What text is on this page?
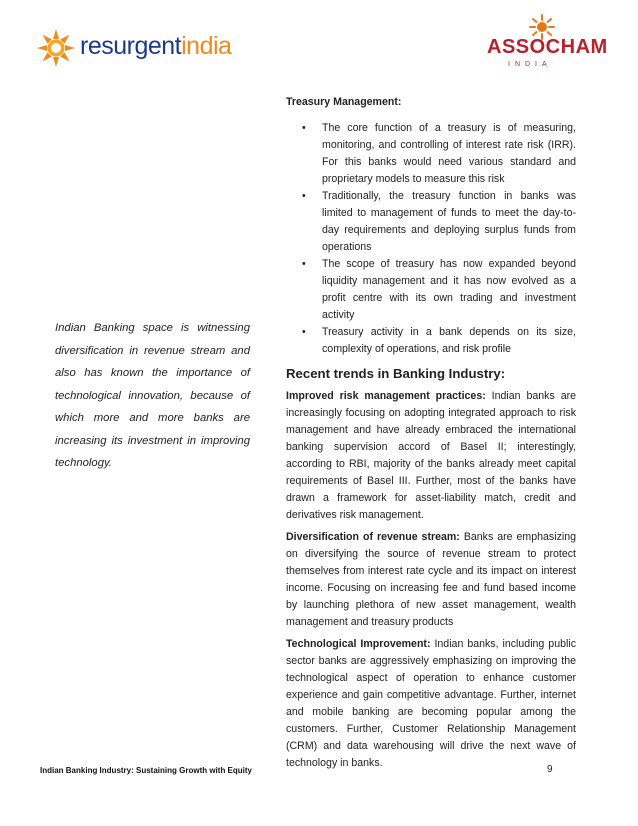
resurgentindia	ASSOCHAM
INDIA
Indian Banking space is witnessing diversification in revenue stream and also has known the importance of technological innovation, because of which more and more banks are increasing its investment in improving technology.
Treasury Management:
• The core function of a treasury is of measuring, monitoring, and controlling of interest rate risk (IRR). For this banks would need various standard and proprietary models to measure this risk
• Traditionally, the treasury function in banks was limited to management of funds to meet the day-to-day requirements and deploying surplus funds from operations
• The scope of treasury has now expanded beyond liquidity management and it has now evolved as a profit centre with its own trading and investment activity
• Treasury activity in a bank depends on its size, complexity of operations, and risk profile
Recent trends in Banking Industry:

Improved risk management practices: Indian banks are increasingly focusing on adopting integrated approach to risk management and have already embraced the international banking supervision accord of Basel II; interestingly, according to RBI, majority of the banks already meet capital requirements of Basel III. Further, most of the banks have drawn a framework for asset-liability match, credit and derivatives risk management.

Diversification of revenue stream: Banks are emphasizing on diversifying the source of revenue stream to protect themselves from interest rate cycle and its impact on interest income. Focusing on increasing fee and fund based income by launching plethora of new asset management, wealth management and treasury products

Technological Improvement: Indian banks, including public sector banks are aggressively emphasizing on improving the technological aspect of operation to enhance customer experience and gain competitive advantage. Further, internet and mobile banking are becoming popular among the customers. Further, Customer Relationship Management (CRM) and data warehousing will drive the next wave of technology in banks.

Indian Banking Industry: Sustaining Growth with Equity	9
